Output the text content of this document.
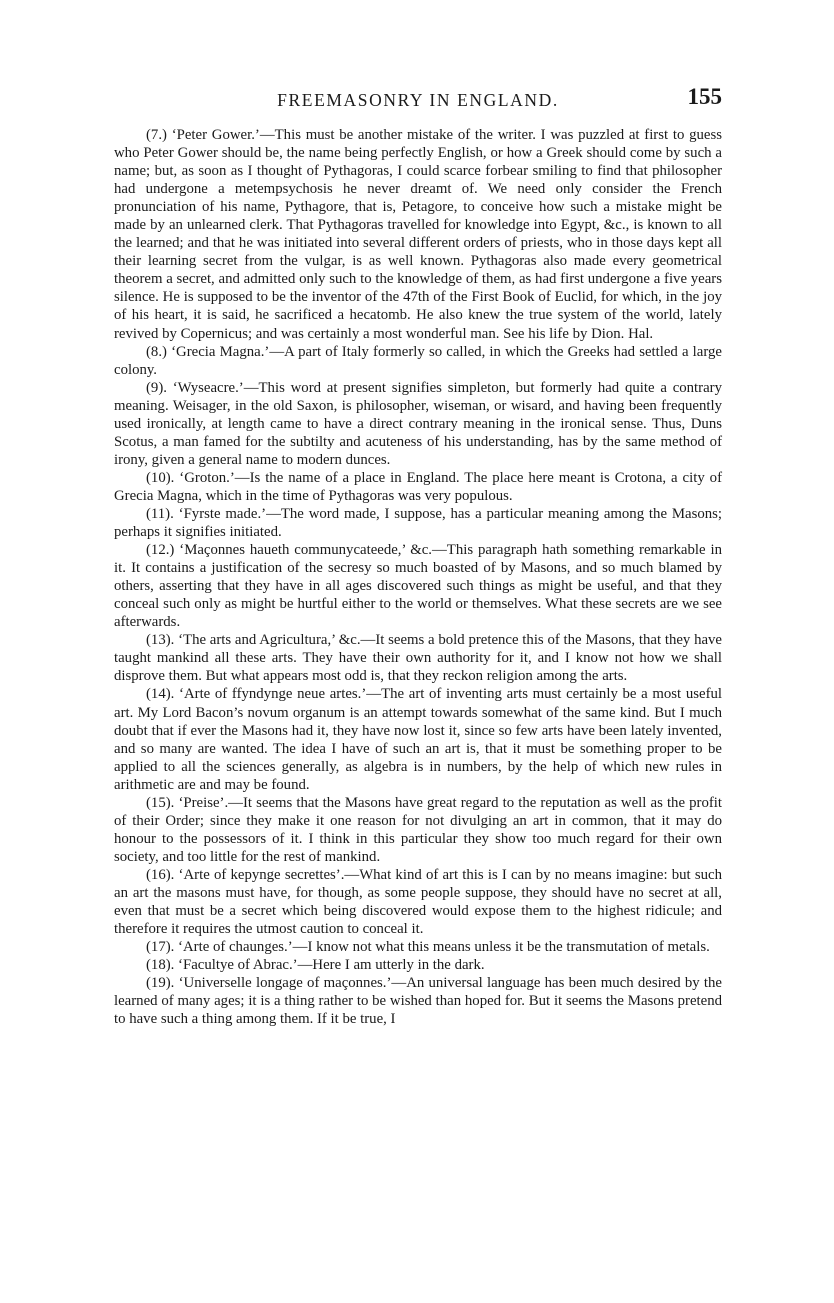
FREEMASONRY IN ENGLAND.	155

(7.) ‘Peter Gower.’—This must be another mistake of the writer. I was puzzled at first to guess who Peter Gower should be, the name being perfectly English, or how a Greek should come by such a name; but, as soon as I thought of Pythagoras, I could scarce forbear smiling to find that philosopher had undergone a metempsychosis he never dreamt of. We need only consider the French pronunciation of his name, Pythagore, that is, Petagore, to conceive how such a mistake might be made by an unlearned clerk. That Pythagoras travelled for knowledge into Egypt, &c., is known to all the learned; and that he was initiated into several different orders of priests, who in those days kept all their learning secret from the vulgar, is as well known. Pythagoras also made every geometrical theorem a secret, and admitted only such to the knowledge of them, as had first undergone a five years silence. He is supposed to be the inventor of the 47th of the First Book of Euclid, for which, in the joy of his heart, it is said, he sacrificed a hecatomb. He also knew the true system of the world, lately revived by Copernicus; and was certainly a most wonderful man. See his life by Dion. Hal.

(8.) ‘Grecia Magna.’—A part of Italy formerly so called, in which the Greeks had settled a large colony.

(9). ‘Wyseacre.’—This word at present signifies simpleton, but formerly had quite a contrary meaning. Weisager, in the old Saxon, is philosopher, wiseman, or wisard, and having been frequently used ironically, at length came to have a direct contrary meaning in the ironical sense. Thus, Duns Scotus, a man famed for the subtilty and acuteness of his understanding, has by the same method of irony, given a general name to modern dunces.

(10). ‘Groton.’—Is the name of a place in England. The place here meant is Crotona, a city of Grecia Magna, which in the time of Pythagoras was very populous.

(11). ‘Fyrste made.’—The word made, I suppose, has a particular meaning among the Masons; perhaps it signifies initiated.

(12.) ‘Maçonnes haueth communycateede,’ &c.—This paragraph hath something remarkable in it. It contains a justification of the secresy so much boasted of by Masons, and so much blamed by others, asserting that they have in all ages discovered such things as might be useful, and that they conceal such only as might be hurtful either to the world or themselves. What these secrets are we see afterwards.

(13). ‘The arts and Agricultura,’ &c.—It seems a bold pretence this of the Masons, that they have taught mankind all these arts. They have their own authority for it, and I know not how we shall disprove them. But what appears most odd is, that they reckon religion among the arts.

(14). ‘Arte of ffyndynge neue artes.’—The art of inventing arts must certainly be a most useful art. My Lord Bacon’s novum organum is an attempt towards somewhat of the same kind. But I much doubt that if ever the Masons had it, they have now lost it, since so few arts have been lately invented, and so many are wanted. The idea I have of such an art is, that it must be something proper to be applied to all the sciences generally, as algebra is in numbers, by the help of which new rules in arithmetic are and may be found.

(15). ‘Preise’.—It seems that the Masons have great regard to the reputation as well as the profit of their Order; since they make it one reason for not divulging an art in common, that it may do honour to the possessors of it. I think in this particular they show too much regard for their own society, and too little for the rest of mankind.

(16). ‘Arte of kepynge secrettes’.—What kind of art this is I can by no means imagine: but such an art the masons must have, for though, as some people suppose, they should have no secret at all, even that must be a secret which being discovered would expose them to the highest ridicule; and therefore it requires the utmost caution to conceal it.

(17). ‘Arte of chaunges.’—I know not what this means unless it be the transmutation of metals.

(18). ‘Facultye of Abrac.’—Here I am utterly in the dark.

(19). ‘Universelle longage of maçonnes.’—An universal language has been much desired by the learned of many ages; it is a thing rather to be wished than hoped for. But it seems the Masons pretend to have such a thing among them. If it be true, I
